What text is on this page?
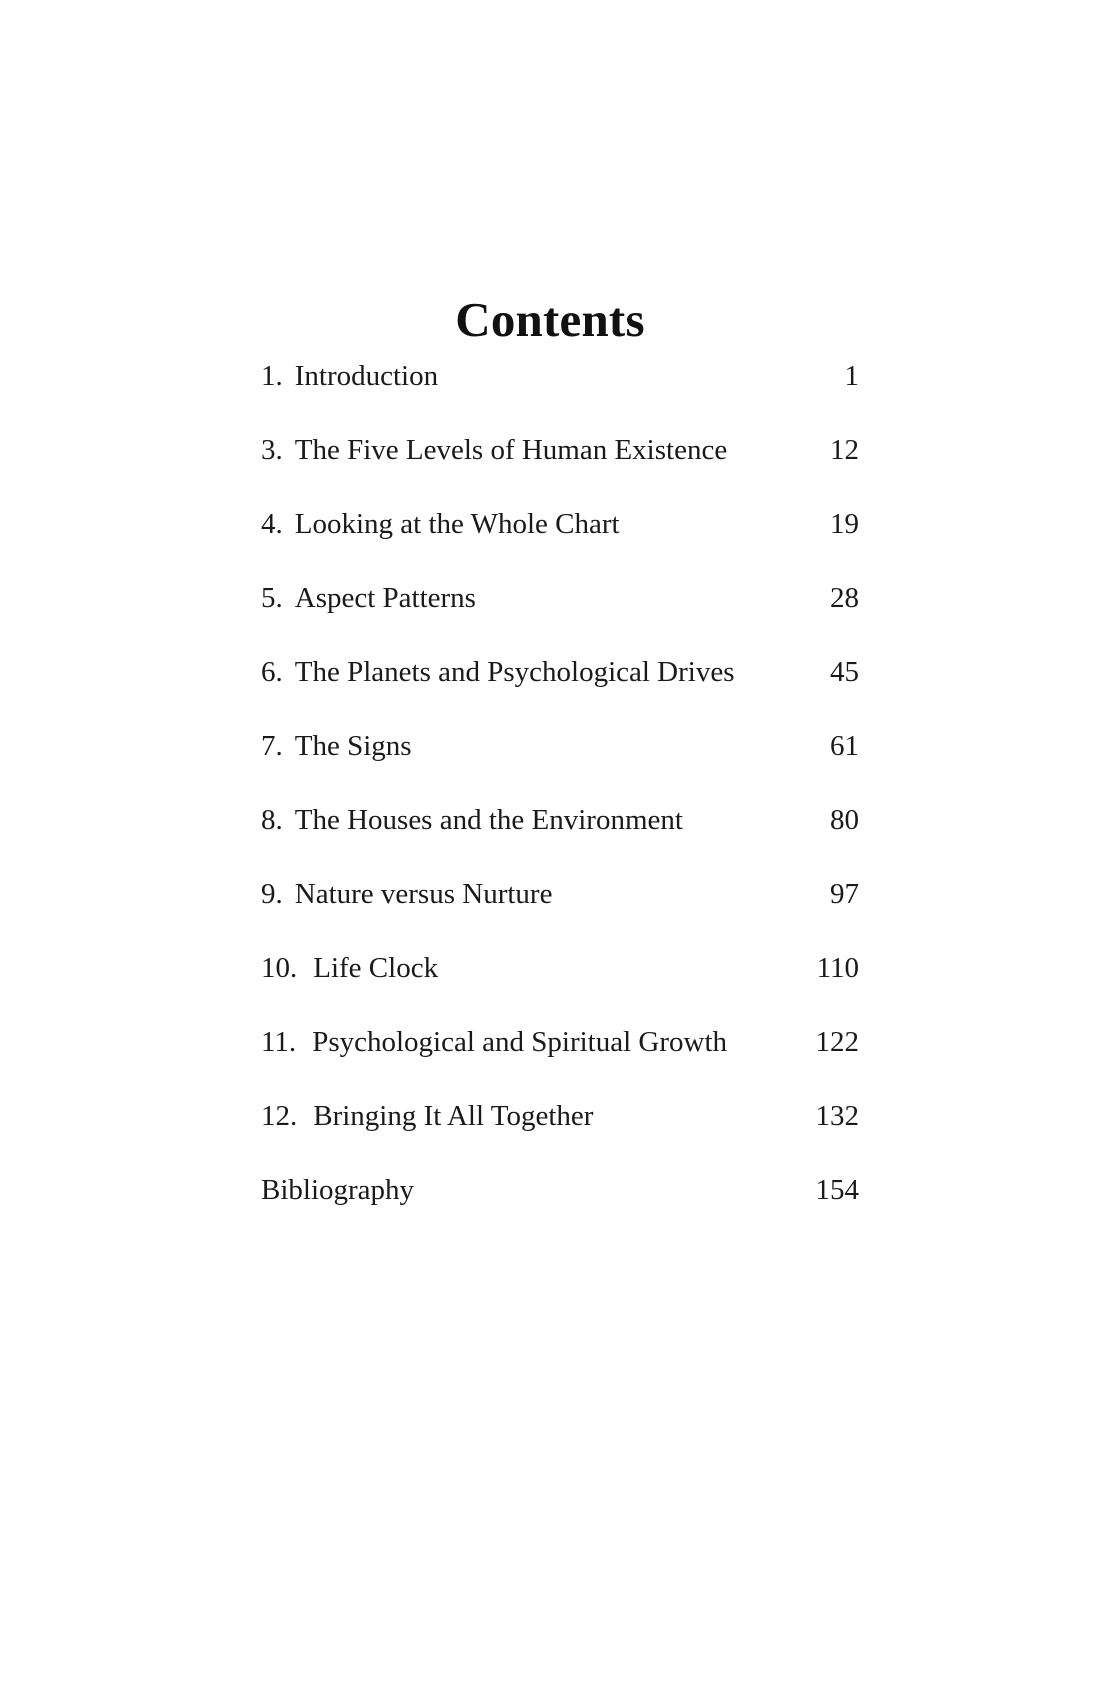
Contents
1. Introduction	1
3. The Five Levels of Human Existence	12
4. Looking at the Whole Chart	19
5. Aspect Patterns	28
6. The Planets and Psychological Drives	45
7. The Signs	61
8. The Houses and the Environment	80
9. Nature versus Nurture	97
10. Life Clock	110
11. Psychological and Spiritual Growth	122
12. Bringing It All Together	132
Bibliography	154
